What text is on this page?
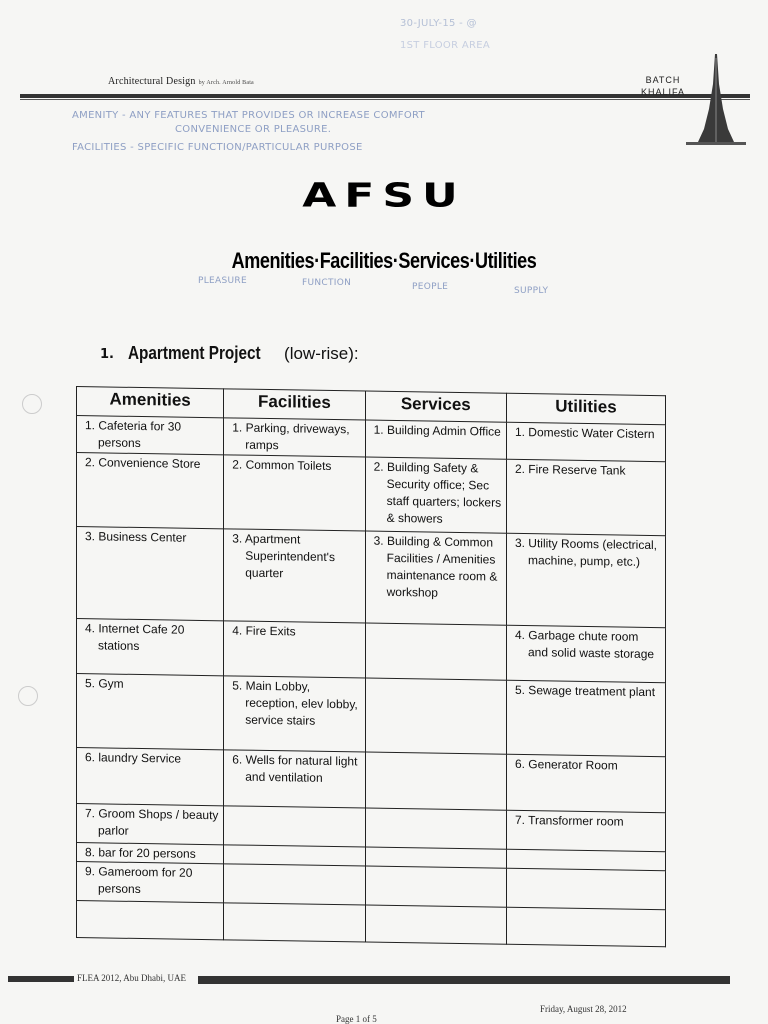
Architectural Design by Arch. Arnold Bata	BATCH
KHALIFA
30-JULY-15 - @
1ST FLOOR AREA
AMENITY - ANY FEATURES THAT PROVIDES OR INCREASE COMFORT
CONVENIENCE OR PLEASURE.
FACILITIES - SPECIFIC FUNCTION/PARTICULAR PURPOSE
AFSU
Amenities·Facilities·Services·Utilities
PLEASURE	FUNCTION	PEOPLE	SUPPLY
1. Apartment Project (low-rise):
Amenities	Facilities	Services	Utilities

1. Cafeteria for 30 persons	1. Parking, driveways, ramps	1. Building Admin Office	1. Domestic Water Cistern

2. Convenience Store	2. Common Toilets	2. Building Safety & Security office; Sec staff quarters; lockers & showers	2. Fire Reserve Tank

3. Business Center	3. Apartment Superintendent's quarter	3. Building & Common Facilities / Amenities maintenance room & workshop	3. Utility Rooms (electrical, machine, pump, etc.)

4. Internet Cafe 20 stations	4. Fire Exits		4. Garbage chute room and solid waste storage

5. Gym	5. Main Lobby, reception, elev lobby, service stairs		5. Sewage treatment plant

6. laundry Service	6. Wells for natural light and ventilation		6. Generator Room

7. Groom Shops / beauty parlor			7. Transformer room

8. bar for 20 persons			

9. Gameroom for 20 persons			

FLEA 2012, Abu Dhabi, UAE
Friday, August 28, 2012
Page 1 of 5
